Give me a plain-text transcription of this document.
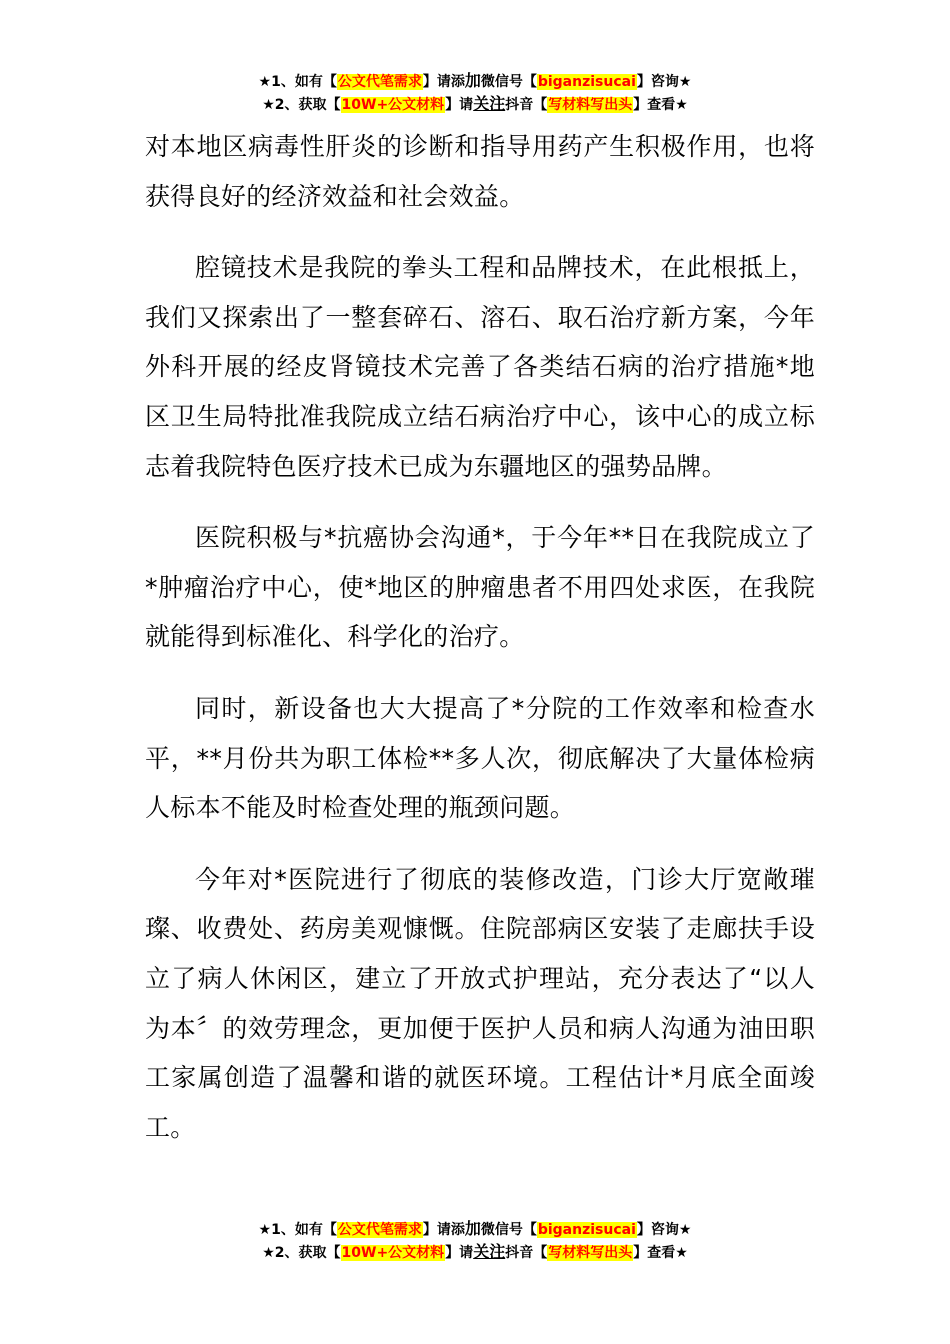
★1、如有【公文代笔需求】请添加微信号【biganzisucai】咨询★
★2、获取【10W+公文材料】请关注抖音【写材料写出头】查看★

对本地区病毒性肝炎的诊断和指导用药产生积极作用，也将获得良好的经济效益和社会效益。

腔镜技术是我院的拳头工程和品牌技术，在此根抵上，我们又探索出了一整套碎石、溶石、取石治疗新方案，今年外科开展的经皮肾镜技术完善了各类结石病的治疗措施*地区卫生局特批准我院成立结石病治疗中心，该中心的成立标志着我院特色医疗技术已成为东疆地区的强势品牌。

医院积极与*抗癌协会沟通*，于今年**日在我院成立了*肿瘤治疗中心，使*地区的肿瘤患者不用四处求医，在我院就能得到标准化、科学化的治疗。

同时，新设备也大大提高了*分院的工作效率和检查水平，**月份共为职工体检**多人次，彻底解决了大量体检病人标本不能及时检查处理的瓶颈问题。

今年对*医院进行了彻底的装修改造，门诊大厅宽敞璀璨、收费处、药房美观慷慨。住院部病区安装了走廊扶手设立了病人休闲区，建立了开放式护理站，充分表达了“以人为本〞的效劳理念，更加便于医护人员和病人沟通为油田职工家属创造了温馨和谐的就医环境。工程估计*月底全面竣工。

★1、如有【公文代笔需求】请添加微信号【biganzisucai】咨询★
★2、获取【10W+公文材料】请关注抖音【写材料写出头】查看★
